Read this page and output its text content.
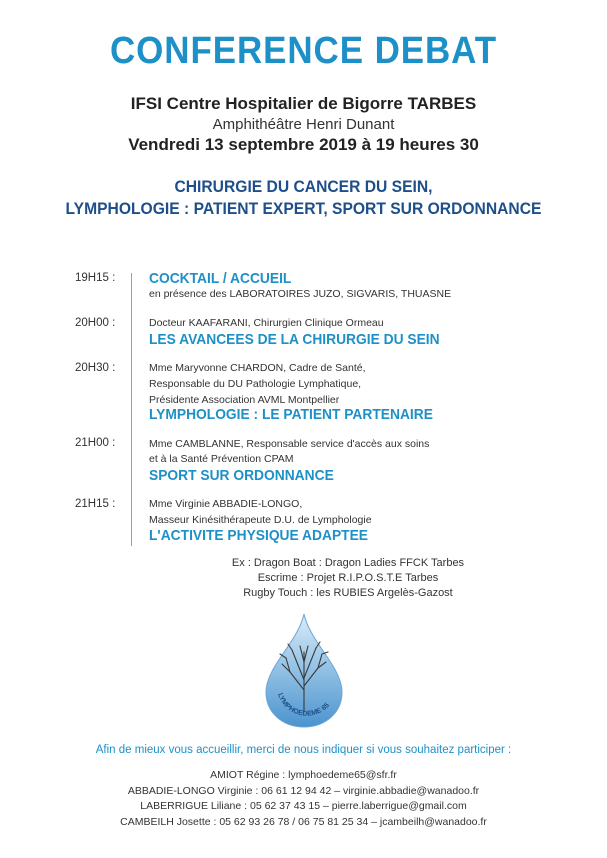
CONFERENCE DEBAT
IFSI Centre Hospitalier de Bigorre TARBES
Amphithéâtre Henri Dunant
Vendredi 13 septembre 2019 à 19 heures 30
CHIRURGIE DU CANCER DU SEIN,
LYMPHOLOGIE : PATIENT EXPERT, SPORT SUR ORDONNANCE
19H15 : COCKTAIL / ACCUEIL
en présence des LABORATOIRES JUZO, SIGVARIS, THUASNE
20H00 :	Docteur KAAFARANI, Chirurgien Clinique Ormeau
LES AVANCEES DE LA CHIRURGIE DU SEIN
20H30 :	Mme Maryvonne CHARDON, Cadre de Santé,
Responsable du DU Pathologie Lymphatique,
Présidente Association AVML Montpellier
LYMPHOLOGIE : LE PATIENT PARTENAIRE
21H00 :	Mme CAMBLANNE, Responsable service d'accès aux soins
et à la Santé Prévention CPAM
SPORT SUR ORDONNANCE
21H15 :	Mme Virginie ABBADIE-LONGO,
Masseur Kinésithérapeute D.U. de Lymphologie
L'ACTIVITE PHYSIQUE ADAPTEE
Ex : Dragon Boat : Dragon Ladies FFCK Tarbes
Escrime : Projet R.I.P.O.S.T.E Tarbes
Rugby Touch : les RUBIES Argelès-Gazost
LYMPHOEDEME 65
Afin de mieux vous accueillir, merci de nous indiquer si vous souhaitez participer :
AMIOT Régine : lymphoedeme65@sfr.fr
ABBADIE-LONGO Virginie : 06 61 12 94 42 – virginie.abbadie@wanadoo.fr
LABERRIGUE Liliane : 05 62 37 43 15 – pierre.laberrigue@gmail.com
CAMBEILH Josette : 05 62 93 26 78 / 06 75 81 25 34 – jcambeilh@wanadoo.fr
